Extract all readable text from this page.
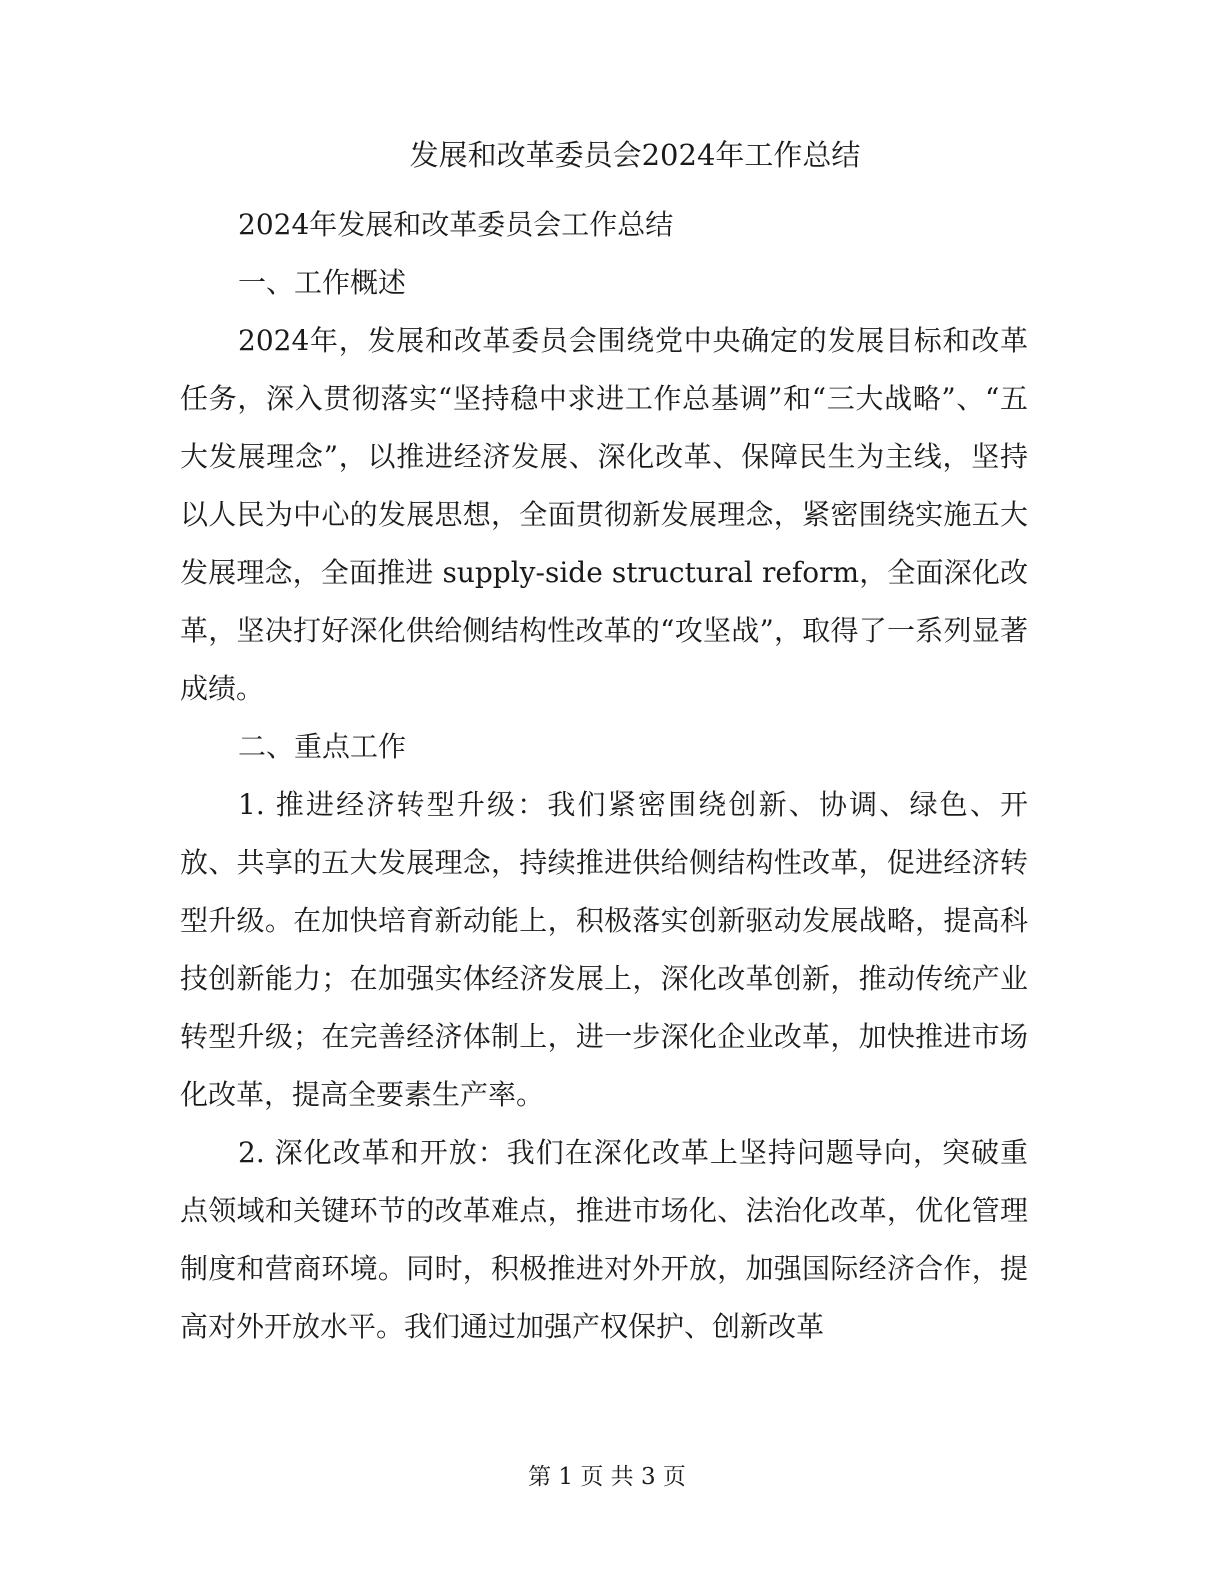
发展和改革委员会2024年工作总结

2024年发展和改革委员会工作总结

一、工作概述

2024年，发展和改革委员会围绕党中央确定的发展目标和改革任务，深入贯彻落实“坚持稳中求进工作总基调”和“三大战略”、“五大发展理念”，以推进经济发展、深化改革、保障民生为主线，坚持以人民为中心的发展思想，全面贯彻新发展理念，紧密围绕实施五大发展理念，全面推进 supply-side structural reform，全面深化改革，坚决打好深化供给侧结构性改革的“攻坚战”，取得了一系列显著成绩。

二、重点工作

1. 推进经济转型升级：我们紧密围绕创新、协调、绿色、开放、共享的五大发展理念，持续推进供给侧结构性改革，促进经济转型升级。在加快培育新动能上，积极落实创新驱动发展战略，提高科技创新能力；在加强实体经济发展上，深化改革创新，推动传统产业转型升级；在完善经济体制上，进一步深化企业改革，加快推进市场化改革，提高全要素生产率。

2. 深化改革和开放：我们在深化改革上坚持问题导向，突破重点领域和关键环节的改革难点，推进市场化、法治化改革，优化管理制度和营商环境。同时，积极推进对外开放，加强国际经济合作，提高对外开放水平。我们通过加强产权保护、创新改革

第 1 页 共 3 页
